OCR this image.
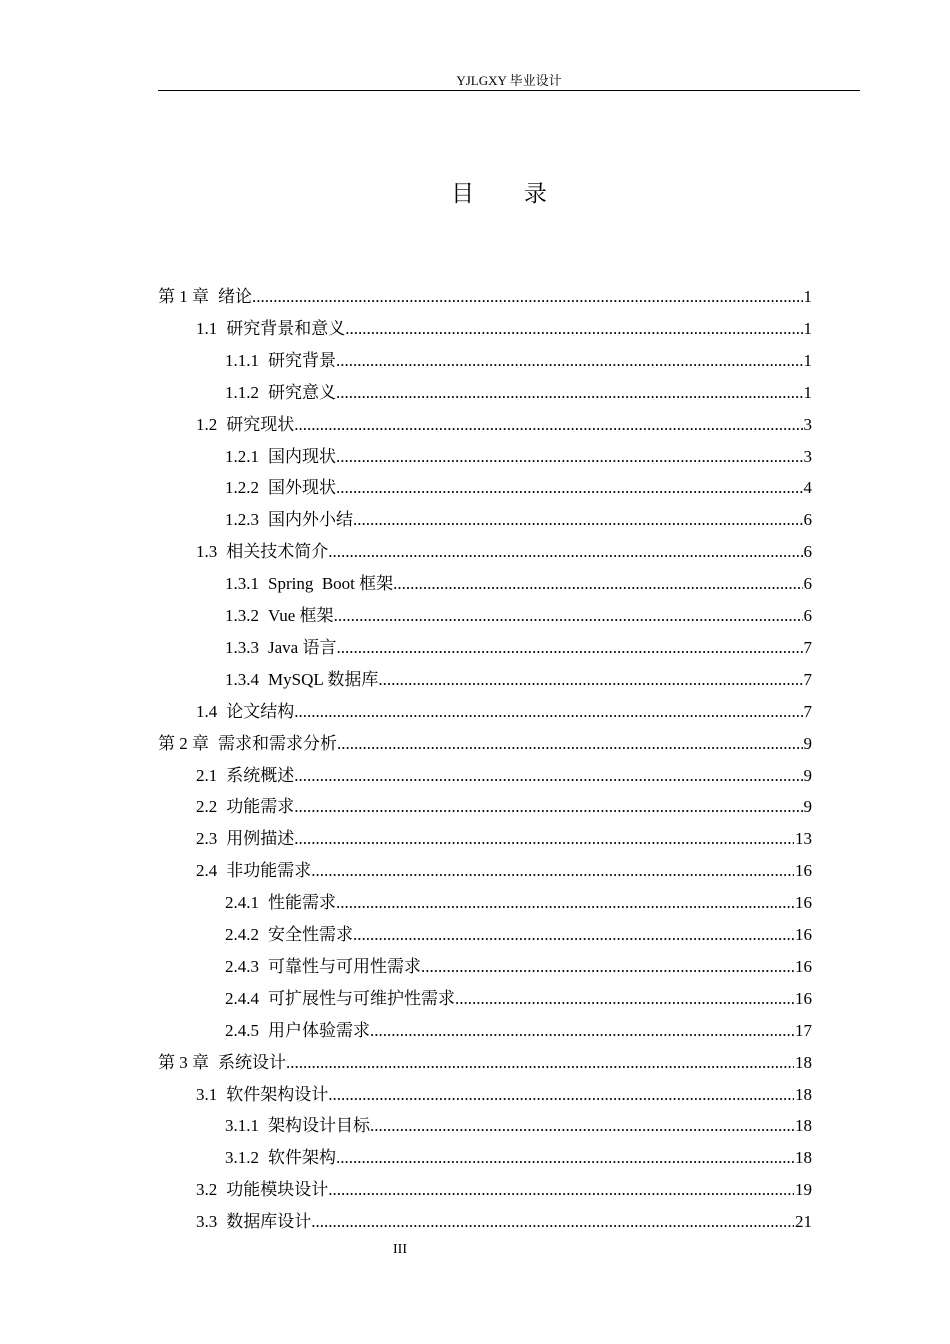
YJLGXY 毕业设计
目 录
第 1 章 绪论 .....	1
1.1 研究背景和意义 .....	1
1.1.1 研究背景 .....	1
1.1.2 研究意义 .....	1
1.2 研究现状 .....	3
1.2.1 国内现状 .....	3
1.2.2 国外现状 .....	4
1.2.3 国内外小结 .....	6
1.3 相关技术简介 .....	6
1.3.1 Spring  Boot 框架 .....	6
1.3.2 Vue 框架 .....	6
1.3.3 Java 语言 .....	7
1.3.4 MySQL 数据库 .....	7
1.4 论文结构 .....	7
第 2 章 需求和需求分析 .....	9
2.1 系统概述 .....	9
2.2 功能需求 .....	9
2.3 用例描述 .....	13
2.4 非功能需求 .....	16
2.4.1 性能需求 .....	16
2.4.2 安全性需求 .....	16
2.4.3 可靠性与可用性需求 .....	16
2.4.4 可扩展性与可维护性需求 .....	16
2.4.5 用户体验需求 .....	17
第 3 章 系统设计 .....	18
3.1 软件架构设计 .....	18
3.1.1 架构设计目标 .....	18
3.1.2 软件架构 .....	18
3.2 功能模块设计 .....	19
3.3 数据库设计 .....	21
III
